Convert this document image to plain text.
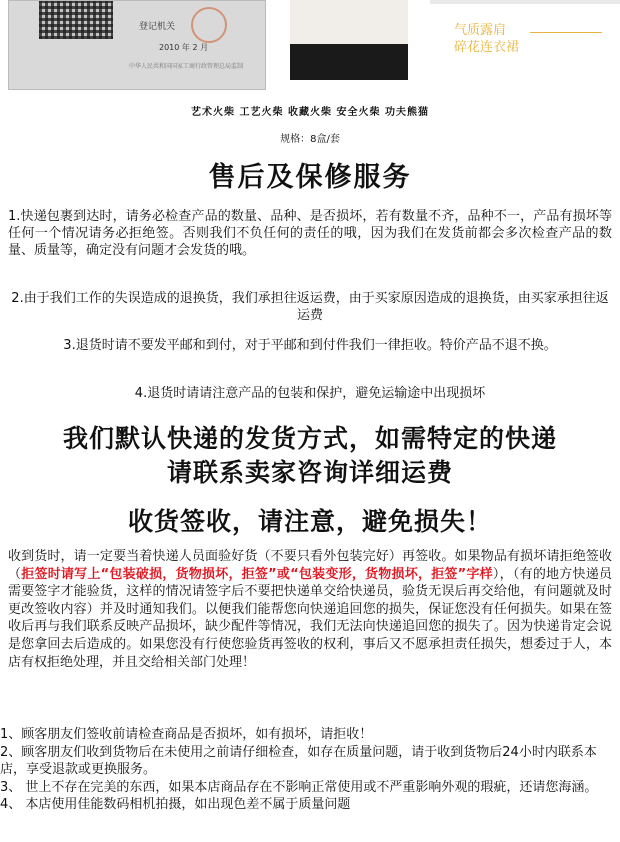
登记机关
2010 年 2 月
中华人民共和国国家工商行政管理总局监制
气质露肩
碎花连衣裙
艺术火柴 工艺火柴 收藏火柴 安全火柴 功夫熊猫
规格：8盒/套
售后及保修服务

1.快递包裹到达时，请务必检查产品的数量、品种、是否损坏，若有数量不齐，品种不一，产品有损坏等任何一个情况请务必拒绝签。否则我们不负任何的责任的哦，因为我们在发货前都会多次检查产品的数量、质量等，确定没有问题才会发货的哦。

2.由于我们工作的失误造成的退换货，我们承担往返运费，由于买家原因造成的退换货，由买家承担往返运费

3.退货时请不要发平邮和到付，对于平邮和到付件我们一律拒收。特价产品不退不换。

4.退货时请请注意产品的包装和保护，避免运输途中出现损坏

我们默认快递的发货方式，如需特定的快递
请联系卖家咨询详细运费
收货签收，请注意，避免损失！

收到货时，请一定要当着快递人员面验好货（不要只看外包装完好）再签收。如果物品有损坏请拒绝签收（拒签时请写上“包装破损，货物损坏，拒签”或“包装变形，货物损坏，拒签”字样），（有的地方快递员需要签字才能验货，这样的情况请签字后不要把快递单交给快递员，验货无误后再交给他，有问题就及时更改签收内容）并及时通知我们。以便我们能帮您向快递追回您的损失，保证您没有任何损失。如果在签收后再与我们联系反映产品损坏，缺少配件等情况，我们无法向快递追回您的损失了。因为快递肯定会说是您拿回去后造成的。如果您没有行使您验货再签收的权利，事后又不愿承担责任损失，想委过于人，本店有权拒绝处理，并且交给相关部门处理！

1、顾客朋友们签收前请检查商品是否损坏，如有损坏，请拒收！
2、顾客朋友们收到货物后在未使用之前请仔细检查，如存在质量问题，请于收到货物后24小时内联系本店，享受退款或更换服务。
3、 世上不存在完美的东西，如果本店商品存在不影响正常使用或不严重影响外观的瑕疵，还请您海涵。
4、 本店使用佳能数码相机拍摄，如出现色差不属于质量问题
